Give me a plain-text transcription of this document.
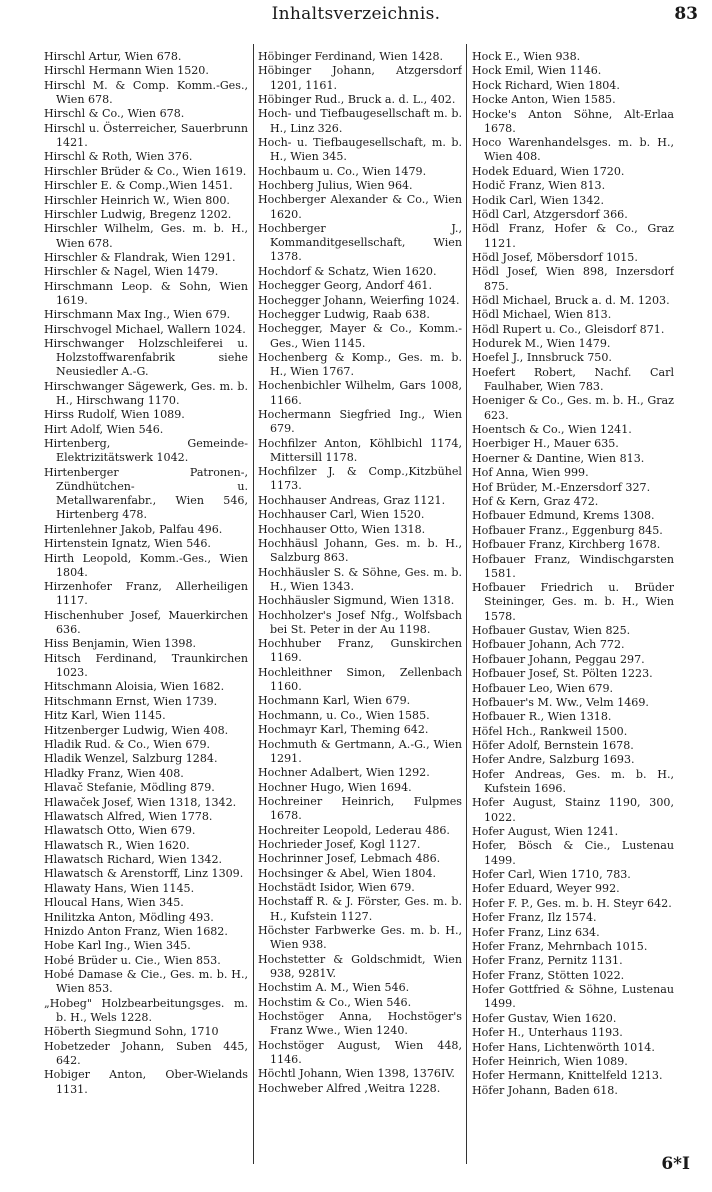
Inhaltsverzeichnis.	83
Hirschl Artur, Wien 678.
Hirschl Hermann Wien 1520.
Hirschl M. & Comp. Komm.-Ges., Wien 678.
Hirschl & Co., Wien 678.
Hirschl u. Österreicher, Sauerbrunn 1421.
Hirschl & Roth, Wien 376.
Hirschler Brüder & Co., Wien 1619.
Hirschler E. & Comp.,Wien 1451.
Hirschler Heinrich W., Wien 800.
Hirschler Ludwig, Bregenz 1202.
Hirschler Wilhelm, Ges. m. b. H., Wien 678.
Hirschler & Flandrak, Wien 1291.
Hirschler & Nagel, Wien 1479.
Hirschmann Leop. & Sohn, Wien 1619.
Hirschmann Max Ing., Wien 679.
Hirschvogel Michael, Wallern 1024.
Hirschwanger Holzschleiferei u. Holzstoffwarenfabrik siehe Neusiedler A.-G.
Hirschwanger Sägewerk, Ges. m. b. H., Hirschwang 1170.
Hirss Rudolf, Wien 1089.
Hirt Adolf, Wien 546.
Hirtenberg, Gemeinde-Elektrizitätswerk 1042.
Hirtenberger Patronen-, Zündhütchen- u. Metallwarenfabr., Wien 546, Hirtenberg 478.
Hirtenlehner Jakob, Palfau 496.
Hirtenstein Ignatz, Wien 546.
Hirth Leopold, Komm.-Ges., Wien 1804.
Hirzenhofer Franz, Allerheiligen 1117.
Hischenhuber Josef, Mauerkirchen 636.
Hiss Benjamin, Wien 1398.
Hitsch Ferdinand, Traunkirchen 1023.
Hitschmann Aloisia, Wien 1682.
Hitschmann Ernst, Wien 1739.
Hitz Karl, Wien 1145.
Hitzenberger Ludwig, Wien 408.
Hladik Rud. & Co., Wien 679.
Hladik Wenzel, Salzburg 1284.
Hladky Franz, Wien 408.
Hlavač Stefanie, Mödling 879.
Hlawaček Josef, Wien 1318, 1342.
Hlawatsch Alfred, Wien 1778.
Hlawatsch Otto, Wien 679.
Hlawatsch R., Wien 1620.
Hlawatsch Richard, Wien 1342.
Hlawatsch & Arenstorff, Linz 1309.
Hlawaty Hans, Wien 1145.
Hloucal Hans, Wien 345.
Hnilitzka Anton, Mödling 493.
Hnizdo Anton Franz, Wien 1682.
Hobe Karl Ing., Wien 345.
Hobé Brüder u. Cie., Wien 853.
Hobé Damase & Cie., Ges. m. b. H., Wien 853.
„Hobeg" Holzbearbeitungsges. m. b. H., Wels 1228.
Höberth Siegmund Sohn, 1710
Hobetzeder Johann, Suben 445, 642.
Hobiger Anton, Ober-Wielands 1131.
Höbinger Ferdinand, Wien 1428.
Höbinger Johann, Atzgersdorf 1201, 1161.
Höbinger Rud., Bruck a. d. L., 402.
Hoch- und Tiefbaugesellschaft m. b. H., Linz 326.
Hoch- u. Tiefbaugesellschaft, m. b. H., Wien 345.
Hochbaum u. Co., Wien 1479.
Hochberg Julius, Wien 964.
Hochberger Alexander & Co., Wien 1620.
Hochberger J., Kommanditgesellschaft, Wien 1378.
Hochdorf & Schatz, Wien 1620.
Hochegger Georg, Andorf 461.
Hochegger Johann, Weierfing 1024.
Hochegger Ludwig, Raab 638.
Hochegger, Mayer & Co., Komm.-Ges., Wien 1145.
Hochenberg & Komp., Ges. m. b. H., Wien 1767.
Hochenbichler Wilhelm, Gars 1008, 1166.
Hochermann Siegfried Ing., Wien 679.
Hochfilzer Anton, Köhlbichl 1174, Mittersill 1178.
Hochfilzer J. & Comp.,Kitzbühel 1173.
Hochhauser Andreas, Graz 1121.
Hochhauser Carl, Wien 1520.
Hochhauser Otto, Wien 1318.
Hochhäusl Johann, Ges. m. b. H., Salzburg 863.
Hochhäusler S. & Söhne, Ges. m. b. H., Wien 1343.
Hochhäusler Sigmund, Wien 1318.
Hochholzer's Josef Nfg., Wolfsbach bei St. Peter in der Au 1198.
Hochhuber Franz, Gunskirchen 1169.
Hochleithner Simon, Zellenbach 1160.
Hochmann Karl, Wien 679.
Hochmann, u. Co., Wien 1585.
Hochmayr Karl, Theming 642.
Hochmuth & Gertmann, A.-G., Wien 1291.
Hochner Adalbert, Wien 1292.
Hochner Hugo, Wien 1694.
Hochreiner Heinrich, Fulpmes 1678.
Hochreiter Leopold, Lederau 486.
Hochrieder Josef, Kogl 1127.
Hochrinner Josef, Lebmach 486.
Hochsinger & Abel, Wien 1804.
Hochstädt Isidor, Wien 679.
Hochstaff R. & J. Förster, Ges. m. b. H., Kufstein 1127.
Höchster Farbwerke Ges. m. b. H., Wien 938.
Hochstetter & Goldschmidt, Wien 938, 9281V.
Hochstim A. M., Wien 546.
Hochstim & Co., Wien 546.
Hochstöger Anna, Hochstöger's Franz Wwe., Wien 1240.
Hochstöger August, Wien 448, 1146.
Höchtl Johann, Wien 1398, 1376IV.
Hochweber Alfred ,Weitra 1228.
Hock E., Wien 938.
Hock Emil, Wien 1146.
Hock Richard, Wien 1804.
Hocke Anton, Wien 1585.
Hocke's Anton Söhne, Alt-Erlaa 1678.
Hoco Warenhandelsges. m. b. H., Wien 408.
Hodek Eduard, Wien 1720.
Hodič Franz, Wien 813.
Hodik Carl, Wien 1342.
Hödl Carl, Atzgersdorf 366.
Hödl Franz, Hofer & Co., Graz 1121.
Hödl Josef, Möbersdorf 1015.
Hödl Josef, Wien 898, Inzersdorf 875.
Hödl Michael, Bruck a. d. M. 1203.
Hödl Michael, Wien 813.
Hödl Rupert u. Co., Gleisdorf 871.
Hodurek M., Wien 1479.
Hoefel J., Innsbruck 750.
Hoefert Robert, Nachf. Carl Faulhaber, Wien 783.
Hoeniger & Co., Ges. m. b. H., Graz 623.
Hoentsch & Co., Wien 1241.
Hoerbiger H., Mauer 635.
Hoerner & Dantine, Wien 813.
Hof Anna, Wien 999.
Hof Brüder, M.-Enzersdorf 327.
Hof & Kern, Graz 472.
Hofbauer Edmund, Krems 1308.
Hofbauer Franz., Eggenburg 845.
Hofbauer Franz, Kirchberg 1678.
Hofbauer Franz, Windischgarsten 1581.
Hofbauer Friedrich u. Brüder Steininger, Ges. m. b. H., Wien 1578.
Hofbauer Gustav, Wien 825.
Hofbauer Johann, Ach 772.
Hofbauer Johann, Peggau 297.
Hofbauer Josef, St. Pölten 1223.
Hofbauer Leo, Wien 679.
Hofbauer's M. Ww., Velm 1469.
Hofbauer R., Wien 1318.
Höfel Hch., Rankweil 1500.
Höfer Adolf, Bernstein 1678.
Hofer Andre, Salzburg 1693.
Hofer Andreas, Ges. m. b. H., Kufstein 1696.
Hofer August, Stainz 1190, 300, 1022.
Hofer August, Wien 1241.
Hofer, Bösch & Cie., Lustenau 1499.
Hofer Carl, Wien 1710, 783.
Hofer Eduard, Weyer 992.
Hofer F. P., Ges. m. b. H. Steyr 642.
Hofer Franz, Ilz 1574.
Hofer Franz, Linz 634.
Hofer Franz, Mehrnbach 1015.
Hofer Franz, Pernitz 1131.
Hofer Franz, Stötten 1022.
Hofer Gottfried & Söhne, Lustenau 1499.
Hofer Gustav, Wien 1620.
Hofer H., Unterhaus 1193.
Hofer Hans, Lichtenwörth 1014.
Hofer Heinrich, Wien 1089.
Hofer Hermann, Knittelfeld 1213.
Höfer Johann, Baden 618.
6*I
